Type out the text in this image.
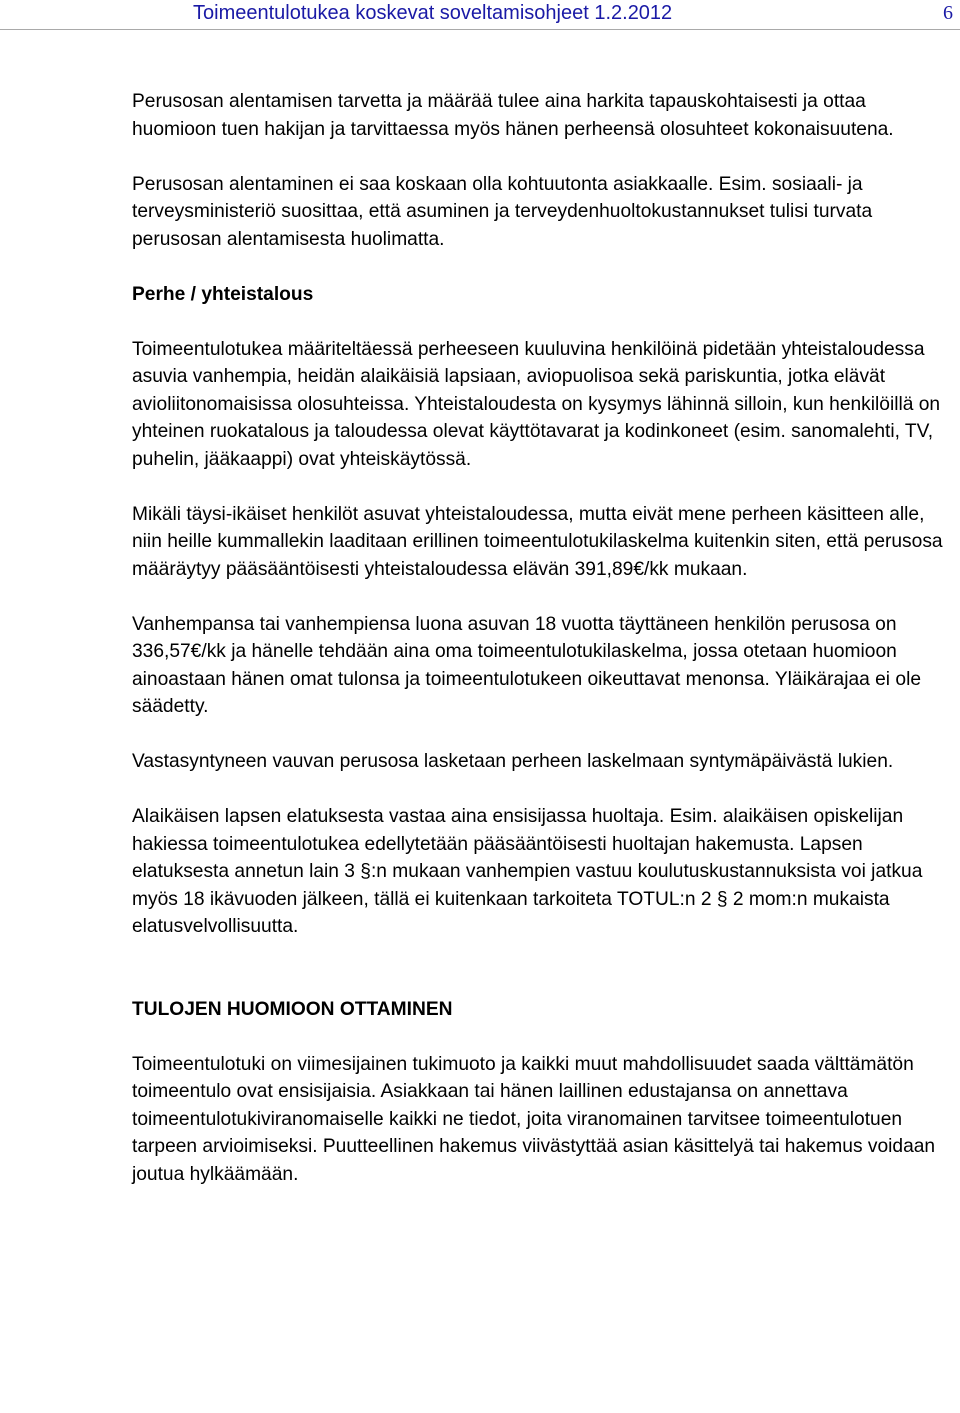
Toimeentulotukea koskevat soveltamisohjeet 1.2.2012	6

Perusosan alentamisen tarvetta ja määrää tulee aina harkita tapauskohtaisesti ja ottaa huomioon tuen hakijan ja tarvittaessa myös hänen perheensä olosuhteet kokonaisuutena.

Perusosan alentaminen ei saa koskaan olla kohtuutonta asiakkaalle. Esim. sosiaali- ja terveysministeriö suosittaa, että asuminen ja terveydenhuoltokustannukset tulisi turvata perusosan alentamisesta huolimatta.

Perhe / yhteistalous

Toimeentulotukea määriteltäessä perheeseen kuuluvina henkilöinä pidetään yhteistaloudessa asuvia vanhempia, heidän alaikäisiä lapsiaan, aviopuolisoa sekä pariskuntia, jotka elävät avioliitonomaisissa olosuhteissa. Yhteistaloudesta on kysymys lähinnä silloin, kun henkilöillä on yhteinen ruokatalous ja taloudessa olevat käyttötavarat ja kodinkoneet (esim. sanomalehti, TV, puhelin, jääkaappi) ovat yhteiskäytössä.

Mikäli täysi-ikäiset henkilöt asuvat yhteistaloudessa, mutta eivät mene perheen käsitteen alle, niin heille kummallekin laaditaan erillinen toimeentulotukilaskelma kuitenkin siten, että perusosa määräytyy pääsääntöisesti yhteistaloudessa elävän 391,89€/kk mukaan.

Vanhempansa tai vanhempiensa luona asuvan 18 vuotta täyttäneen henkilön perusosa on 336,57€/kk ja hänelle tehdään aina oma toimeentulotukilaskelma, jossa otetaan huomioon ainoastaan hänen omat tulonsa ja toimeentulotukeen oikeuttavat menonsa. Yläikärajaa ei ole säädetty.

Vastasyntyneen vauvan perusosa lasketaan perheen laskelmaan syntymäpäivästä lukien.

Alaikäisen lapsen elatuksesta vastaa aina ensisijassa huoltaja. Esim. alaikäisen opiskelijan hakiessa toimeentulotukea edellytetään pääsääntöisesti huoltajan hakemusta. Lapsen elatuksesta annetun lain 3 §:n mukaan vanhempien vastuu koulutuskustannuksista voi jatkua myös 18 ikävuoden jälkeen, tällä ei kuitenkaan tarkoiteta TOTUL:n 2 § 2 mom:n mukaista elatusvelvollisuutta.

TULOJEN HUOMIOON OTTAMINEN

Toimeentulotuki on viimesijainen tukimuoto ja kaikki muut mahdollisuudet saada välttämätön toimeentulo ovat ensisijaisia. Asiakkaan tai hänen laillinen edustajansa on annettava toimeentulotukiviranomaiselle kaikki ne tiedot, joita viranomainen tarvitsee toimeentulotuen tarpeen arvioimiseksi. Puutteellinen hakemus viivästyttää asian käsittelyä tai hakemus voidaan joutua hylkäämään.
